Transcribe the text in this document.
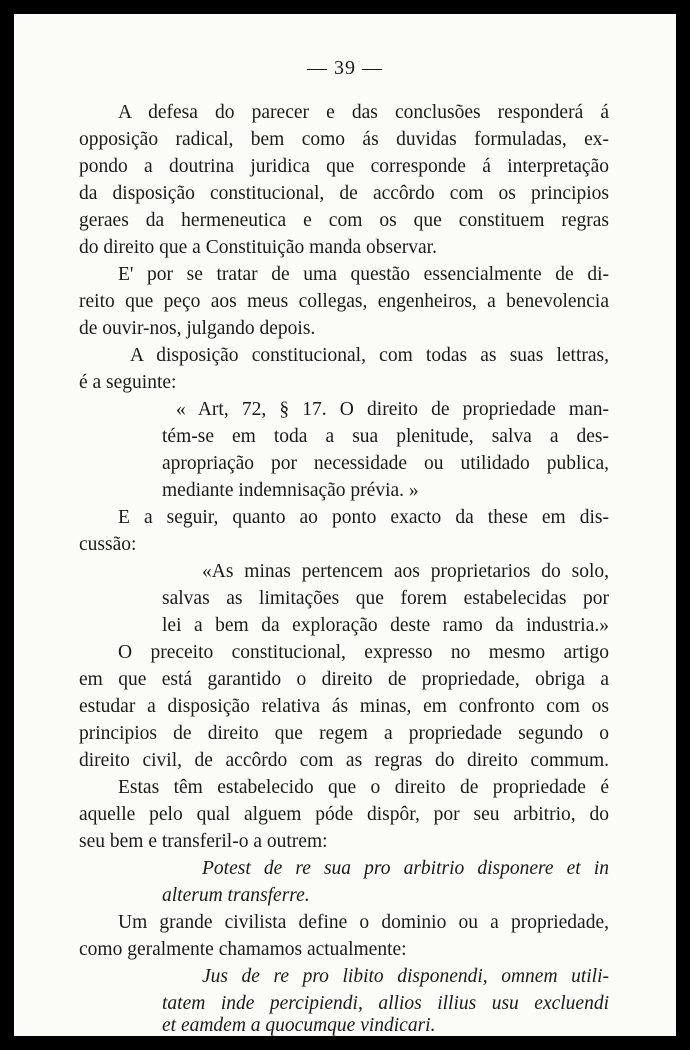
— 39 —
A defesa do parecer e das conclusões responderá á
opposição radical, bem como ás duvidas formuladas, ex-
pondo a doutrina juridica que corresponde á interpretação
da disposição constitucional, de accôrdo com os principios
geraes da hermeneutica e com os que constituem regras
do direito que a Constituição manda observar.
E' por se tratar de uma questão essencialmente de di-
reito que peço aos meus collegas, engenheiros, a benevolencia
de ouvir-nos, julgando depois.
A disposição constitucional, com todas as suas lettras,
é a seguinte:
« Art, 72, § 17. O direito de propriedade man-
tém-se em toda a sua plenitude, salva a des-
apropriação por necessidade ou utilidado publica,
mediante indemnisação prévia. »
E a seguir, quanto ao ponto exacto da these em dis-
cussão:
«As minas pertencem aos proprietarios do solo,
salvas as limitações que forem estabelecidas por
lei a bem da exploração deste ramo da industria.»
O preceito constitucional, expresso no mesmo artigo
em que está garantido o direito de propriedade, obriga a
estudar a disposição relativa ás minas, em confronto com os
principios de direito que regem a propriedade segundo o
direito civil, de accôrdo com as regras do direito commum.
Estas têm estabelecido que o direito de propriedade é
aquelle pelo qual alguem póde dispôr, por seu arbitrio, do
seu bem e transferil-o a outrem:
Potest de re sua pro arbitrio disponere et in
alterum transferre.
Um grande civilista define o dominio ou a propriedade,
como geralmente chamamos actualmente:
Jus de re pro libito disponendi, omnem utili-
tatem inde percipiendi, allios illius usu excluendi
et eamdem a quocumque vindicari.
